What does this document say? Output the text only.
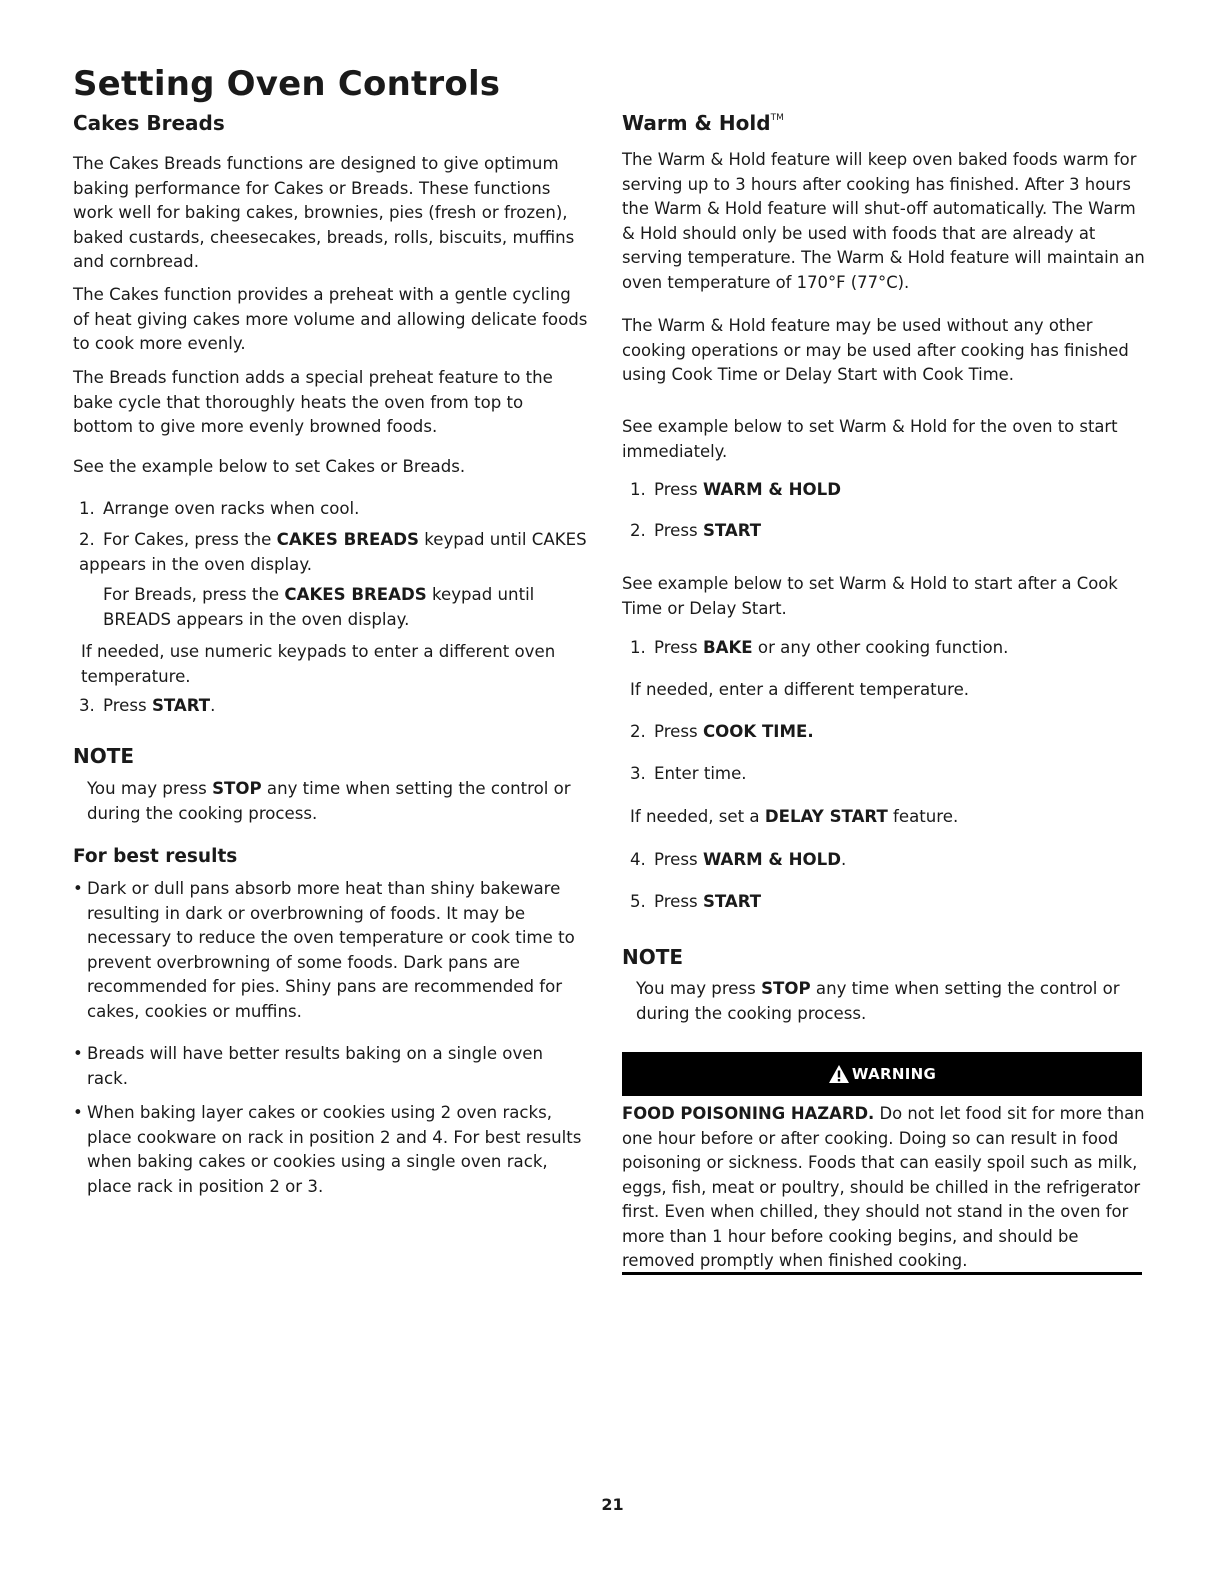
Setting Oven Controls
Cakes Breads

The Cakes Breads functions are designed to give optimum baking performance for Cakes or Breads. These functions work well for baking cakes, brownies, pies (fresh or frozen), baked custards, cheesecakes, breads, rolls, biscuits, muffins and cornbread.

The Cakes function provides a preheat with a gentle cycling of heat giving cakes more volume and allowing delicate foods to cook more evenly.

The Breads function adds a special preheat feature to the bake cycle that thoroughly heats the oven from top to bottom to give more evenly browned foods.

See the example below to set Cakes or Breads.

1. Arrange oven racks when cool.
2. For Cakes, press the CAKES BREADS keypad until CAKES appears in the oven display.
For Breads, press the CAKES BREADS keypad until BREADS appears in the oven display.

If needed, use numeric keypads to enter a different oven temperature.

3. Press START.
NOTE

You may press STOP any time when setting the control or during the cooking process.

For best results
• Dark or dull pans absorb more heat than shiny bakeware resulting in dark or overbrowning of foods. It may be necessary to reduce the oven temperature or cook time to prevent overbrowning of some foods. Dark pans are recommended for pies. Shiny pans are recommended for cakes, cookies or muffins.
• Breads will have better results baking on a single oven rack.
• When baking layer cakes or cookies using 2 oven racks, place cookware on rack in position 2 and 4. For best results when baking cakes or cookies using a single oven rack, place rack in position 2 or 3.
Warm & Hold™

The Warm & Hold feature will keep oven baked foods warm for serving up to 3 hours after cooking has finished. After 3 hours the Warm & Hold feature will shut-off automatically. The Warm & Hold should only be used with foods that are already at serving temperature. The Warm & Hold feature will maintain an oven temperature of 170°F (77°C).

The Warm & Hold feature may be used without any other cooking operations or may be used after cooking has finished using Cook Time or Delay Start with Cook Time.

See example below to set Warm & Hold for the oven to start immediately.

1. Press WARM & HOLD
2. Press START

See example below to set Warm & Hold to start after a Cook Time or Delay Start.

1. Press BAKE or any other cooking function.

If needed, enter a different temperature.

2. Press COOK TIME.
3. Enter time.
If needed, set a DELAY START feature.
4. Press WARM & HOLD.
5. Press START
NOTE

You may press STOP any time when setting the control or during the cooking process.

FOOD POISONING HAZARD. Do not let food sit for more than one hour before or after cooking. Doing so can result in food poisoning or sickness. Foods that can easily spoil such as milk, eggs, fish, meat or poultry, should be chilled in the refrigerator first. Even when chilled, they should not stand in the oven for more than 1 hour before cooking begins, and should be removed promptly when finished cooking.

WARNING
21
